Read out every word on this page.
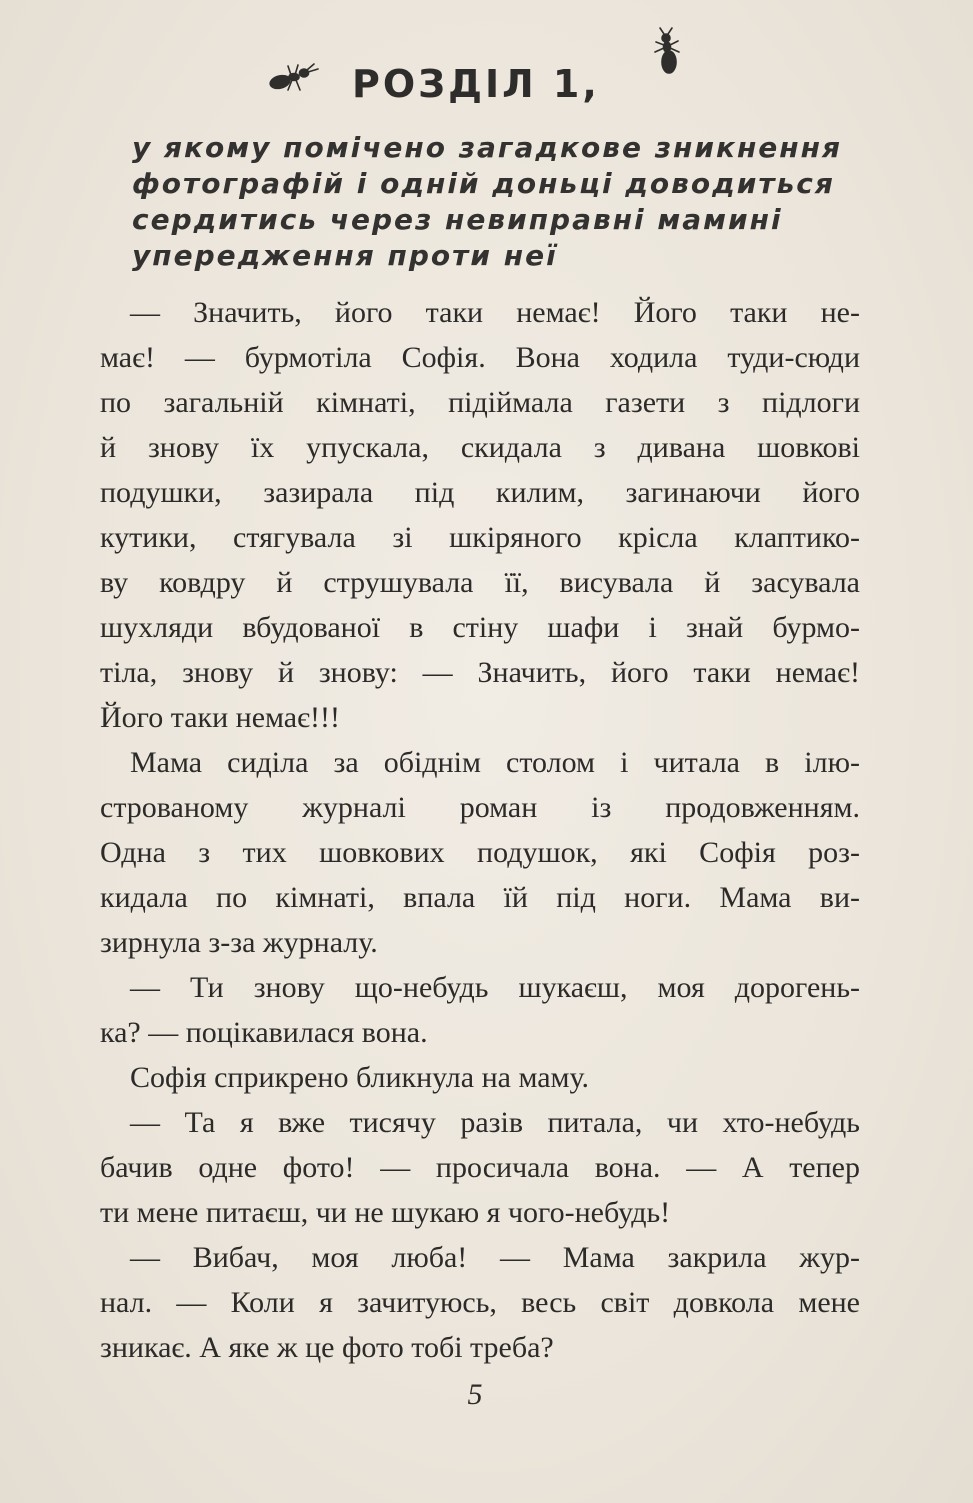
РОЗДІЛ 1,
у якому помічено загадкове зникнення
фотографій і одній доньці доводиться
сердитись через невиправні мамині
упередження проти неї
— Значить, його таки немає! Його таки не-
має! — бурмотіла Софія. Вона ходила туди-сюди
по загальній кімнаті, підіймала газети з підлоги
й знову їх упускала, скидала з дивана шовкові
подушки, зазирала під килим, загинаючи його
кутики, стягувала зі шкіряного крісла клаптико-
ву ковдру й струшувала її, висувала й засувала
шухляди вбудованої в стіну шафи і знай бурмо-
тіла, знову й знову: — Значить, його таки немає!
Його таки немає!!!
Мама сиділа за обіднім столом і читала в ілю-
строваному журналі роман із продовженням.
Одна з тих шовкових подушок, які Софія роз-
кидала по кімнаті, впала їй під ноги. Мама ви-
зирнула з-за журналу.
— Ти знову що-небудь шукаєш, моя дорогень-
ка? — поцікавилася вона.
Софія сприкрено бликнула на маму.
— Та я вже тисячу разів питала, чи хто-небудь
бачив одне фото! — просичала вона. — А тепер
ти мене питаєш, чи не шукаю я чого-небудь!
— Вибач, моя люба! — Мама закрила жур-
нал. — Коли я зачитуюсь, весь світ довкола мене
зникає. А яке ж це фото тобі треба?
5
